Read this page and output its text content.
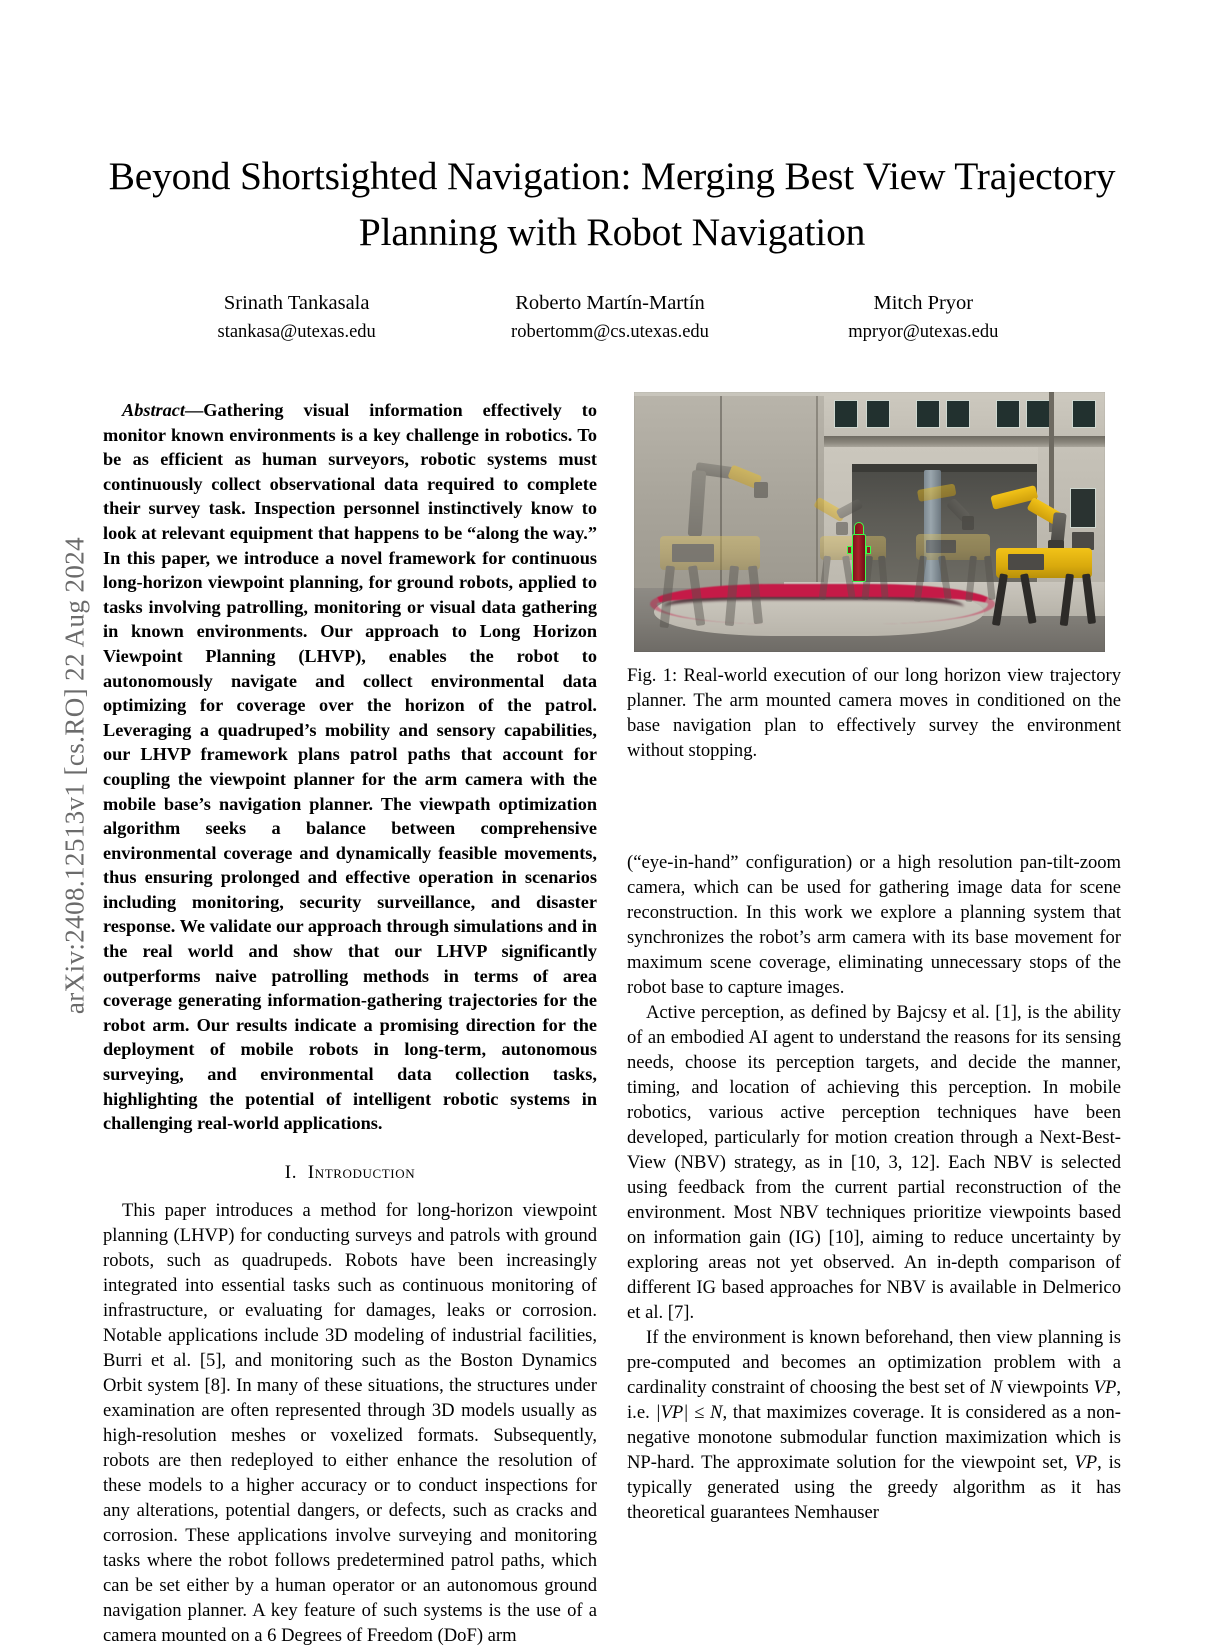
arXiv:2408.12513v1 [cs.RO] 22 Aug 2024
Beyond Shortsighted Navigation: Merging Best View Trajectory Planning with Robot Navigation
Srinath Tankasala
stankasa@utexas.edu
Roberto Martín-Martín
robertomm@cs.utexas.edu
Mitch Pryor
mpryor@utexas.edu

Fig. 1: Real-world execution of our long horizon view trajectory planner. The arm mounted camera moves in conditioned on the base navigation plan to effectively survey the environment without stopping.

Abstract—Gathering visual information effectively to monitor known environments is a key challenge in robotics. To be as efficient as human surveyors, robotic systems must continuously collect observational data required to complete their survey task. Inspection personnel instinctively know to look at relevant equipment that happens to be “along the way.” In this paper, we introduce a novel framework for continuous long-horizon viewpoint planning, for ground robots, applied to tasks involving patrolling, monitoring or visual data gathering in known environments. Our approach to Long Horizon Viewpoint Planning (LHVP), enables the robot to autonomously navigate and collect environmental data optimizing for coverage over the horizon of the patrol. Leveraging a quadruped’s mobility and sensory capabilities, our LHVP framework plans patrol paths that account for coupling the viewpoint planner for the arm camera with the mobile base’s navigation planner. The viewpath optimization algorithm seeks a balance between comprehensive environmental coverage and dynamically feasible movements, thus ensuring prolonged and effective operation in scenarios including monitoring, security surveillance, and disaster response. We validate our approach through simulations and in the real world and show that our LHVP significantly outperforms naive patrolling methods in terms of area coverage generating information-gathering trajectories for the robot arm. Our results indicate a promising direction for the deployment of mobile robots in long-term, autonomous surveying, and environmental data collection tasks, highlighting the potential of intelligent robotic systems in challenging real-world applications.

I. Introduction

This paper introduces a method for long-horizon viewpoint planning (LHVP) for conducting surveys and patrols with ground robots, such as quadrupeds. Robots have been increasingly integrated into essential tasks such as continuous monitoring of infrastructure, or evaluating for damages, leaks or corrosion. Notable applications include 3D modeling of industrial facilities, Burri et al. [5], and monitoring such as the Boston Dynamics Orbit system [8]. In many of these situations, the structures under examination are often represented through 3D models usually as high-resolution meshes or voxelized formats. Subsequently, robots are then redeployed to either enhance the resolution of these models to a higher accuracy or to conduct inspections for any alterations, potential dangers, or defects, such as cracks and corrosion. These applications involve surveying and monitoring tasks where the robot follows predetermined patrol paths, which can be set either by a human operator or an autonomous ground navigation planner. A key feature of such systems is the use of a camera mounted on a 6 Degrees of Freedom (DoF) arm

(“eye-in-hand” configuration) or a high resolution pan-tilt-zoom camera, which can be used for gathering image data for scene reconstruction. In this work we explore a planning system that synchronizes the robot’s arm camera with its base movement for maximum scene coverage, eliminating unnecessary stops of the robot base to capture images.

Active perception, as defined by Bajcsy et al. [1], is the ability of an embodied AI agent to understand the reasons for its sensing needs, choose its perception targets, and decide the manner, timing, and location of achieving this perception. In mobile robotics, various active perception techniques have been developed, particularly for motion creation through a Next-Best-View (NBV) strategy, as in [10, 3, 12]. Each NBV is selected using feedback from the current partial reconstruction of the environment. Most NBV techniques prioritize viewpoints based on information gain (IG) [10], aiming to reduce uncertainty by exploring areas not yet observed. An in-depth comparison of different IG based approaches for NBV is available in Delmerico et al. [7].

If the environment is known beforehand, then view planning is pre-computed and becomes an optimization problem with a cardinality constraint of choosing the best set of N viewpoints VP, i.e. |VP| ≤ N, that maximizes coverage. It is considered as a non-negative monotone submodular function maximization which is NP-hard. The approximate solution for the viewpoint set, VP, is typically generated using the greedy algorithm as it has theoretical guarantees Nemhauser
